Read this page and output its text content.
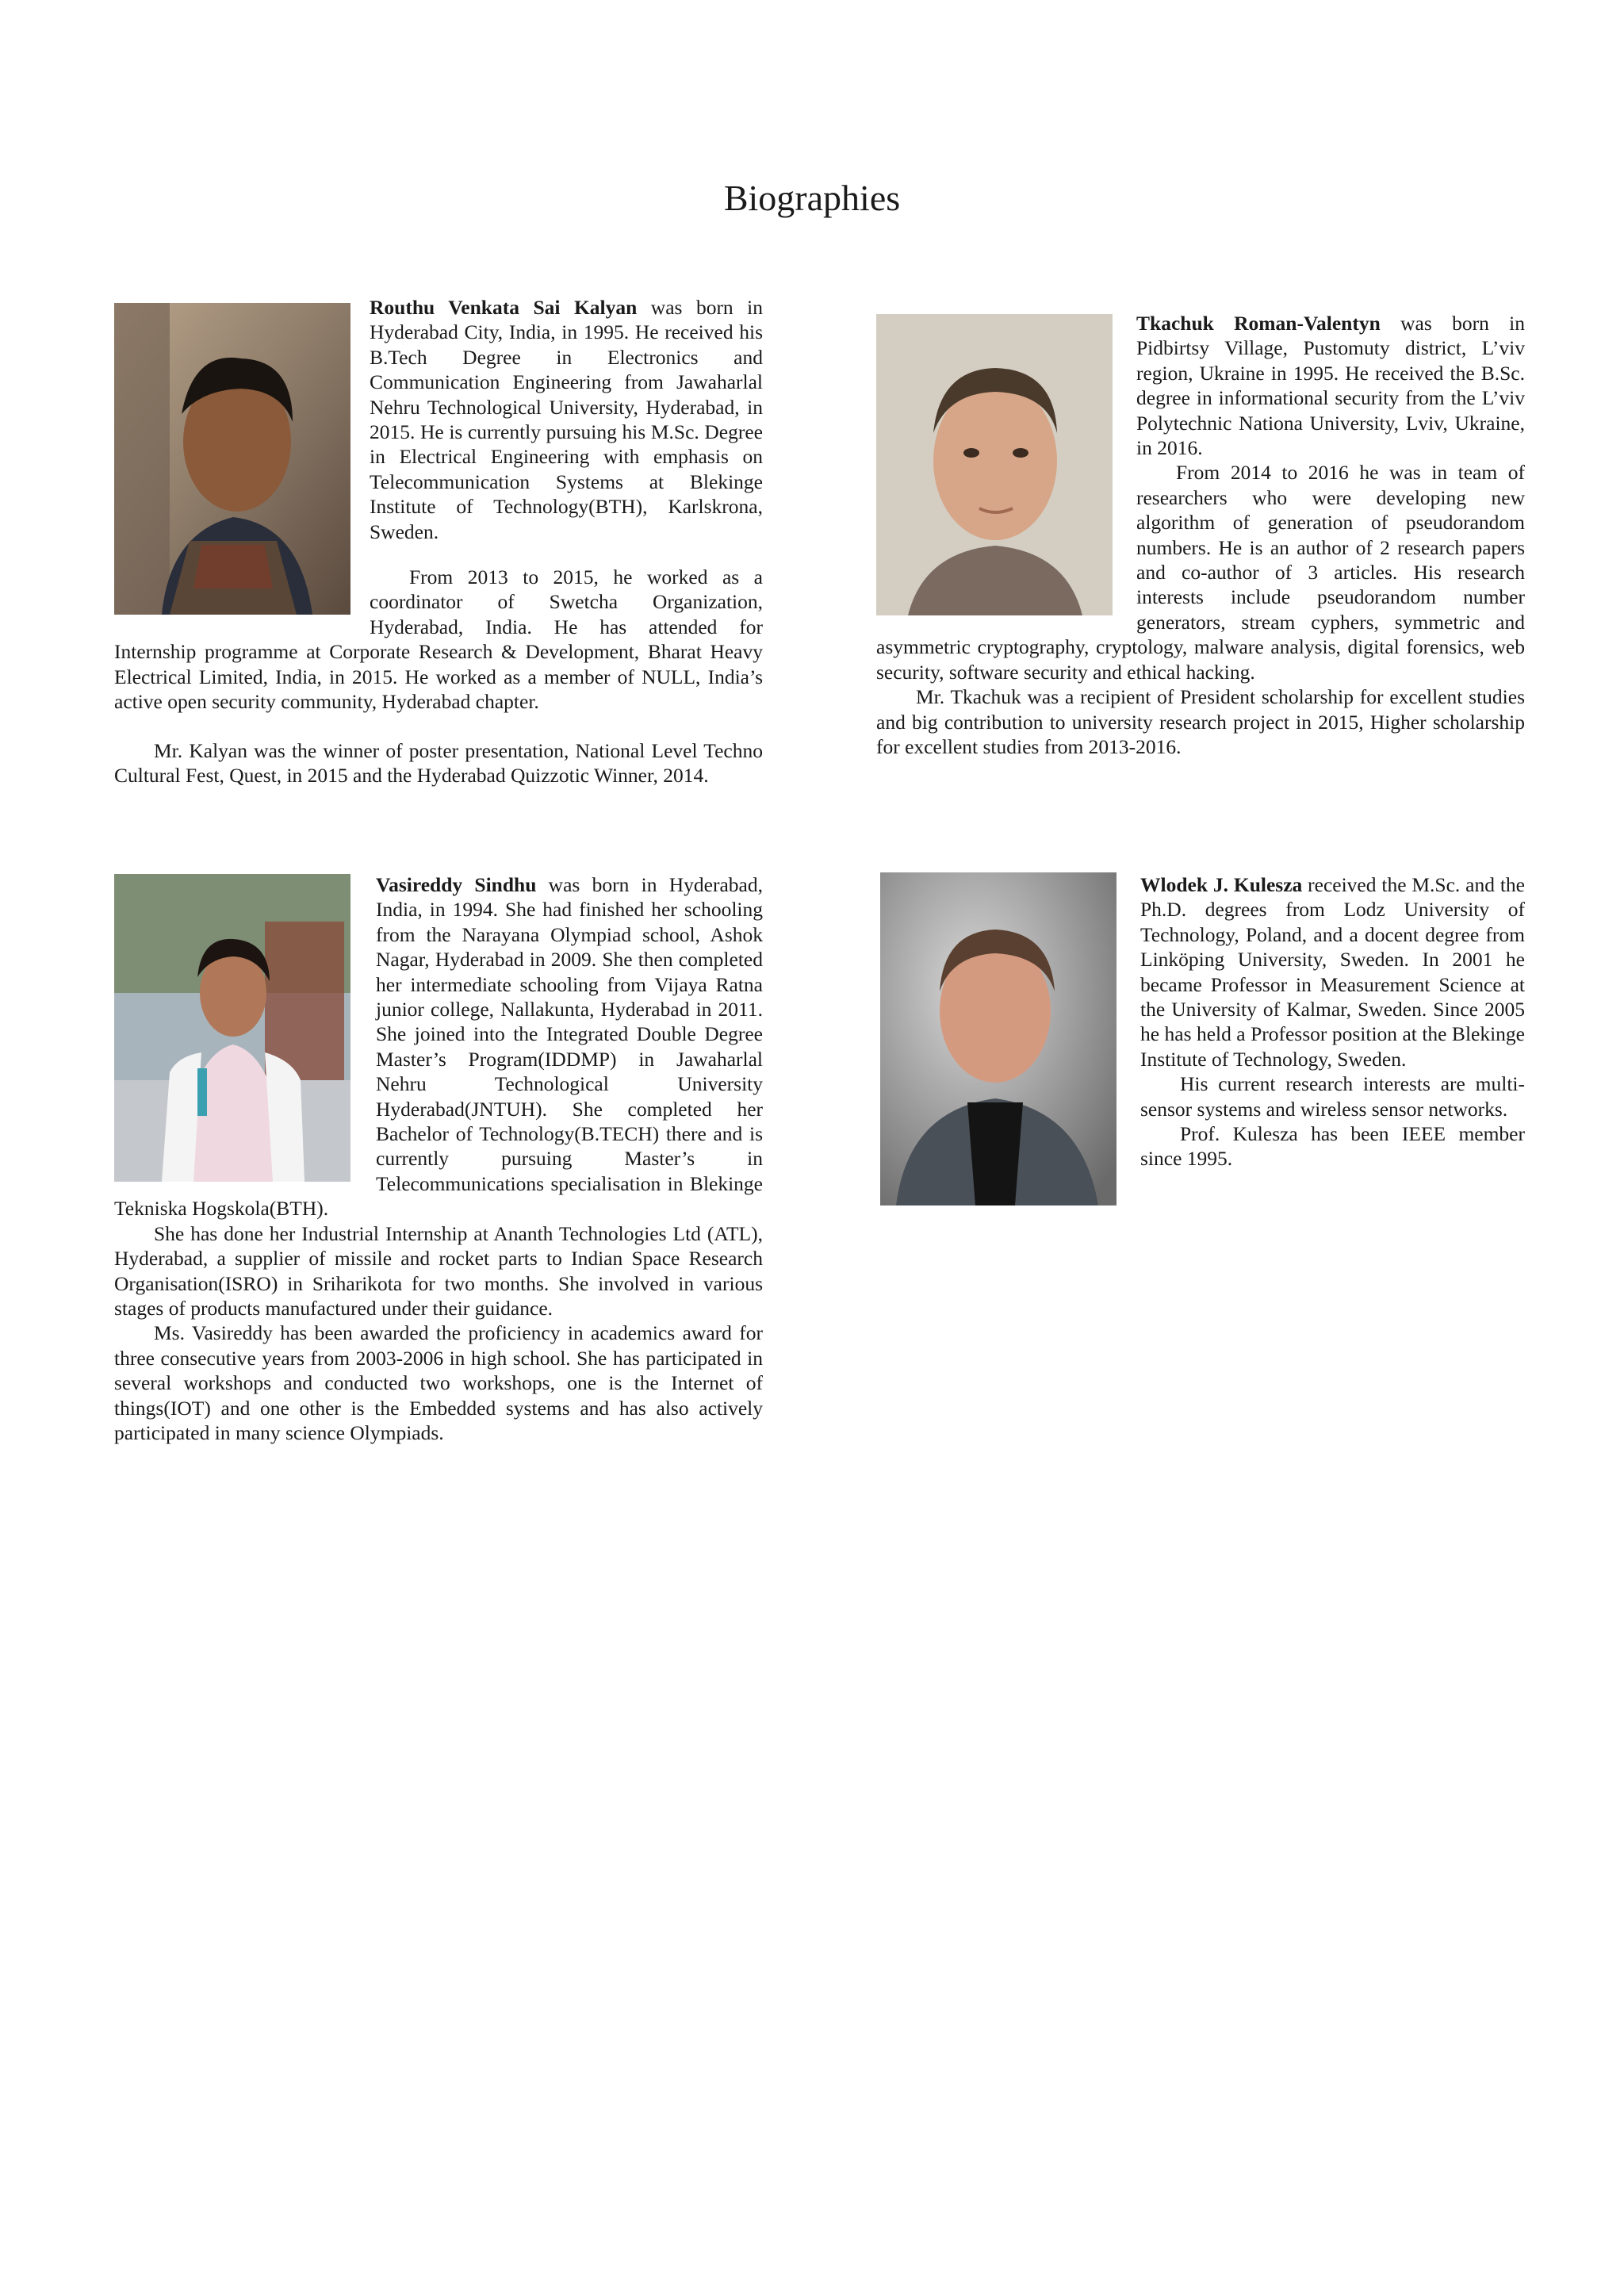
Biographies

Routhu Venkata Sai Kalyan was born in Hyderabad City, India, in 1995. He received his B.Tech Degree in Electronics and Communication Engineering from Jawaharlal Nehru Technological University, Hyderabad, in 2015. He is currently pursuing his M.Sc. Degree in Electrical Engineering with emphasis on Telecommunication Systems at Blekinge Institute of Technology(BTH), Karlskrona, Sweden.

From 2013 to 2015, he worked as a coordinator of Swetcha Organization, Hyderabad, India. He has attended for Internship programme at Corporate Research & Development, Bharat Heavy Electrical Limited, India, in 2015. He worked as a member of NULL, India’s active open security community, Hyderabad chapter.

Mr. Kalyan was the winner of poster presentation, National Level Techno Cultural Fest, Quest, in 2015 and the Hyderabad Quizzotic Winner, 2014.

Tkachuk Roman-Valentyn was born in Pidbirtsy Village, Pustomuty district, L’viv region, Ukraine in 1995. He received the B.Sc. degree in informational security from the L’viv Polytechnic Nationa University, Lviv, Ukraine, in 2016.

From 2014 to 2016 he was in team of researchers who were developing new algorithm of generation of pseudorandom numbers. He is an author of 2 research papers and co-author of 3 articles. His research interests include pseudorandom number generators, stream cyphers, symmetric and asymmetric cryptography, cryptology, malware analysis, digital forensics, web security, software security and ethical hacking.

Mr. Tkachuk was a recipient of President scholarship for excellent studies and big contribution to university research project in 2015, Higher scholarship for excellent studies from 2013-2016.

Vasireddy Sindhu was born in Hyderabad, India, in 1994. She had finished her schooling from the Narayana Olympiad school, Ashok Nagar, Hyderabad in 2009. She then completed her intermediate schooling from Vijaya Ratna junior college, Nallakunta, Hyderabad in 2011. She joined into the Integrated Double Degree Master’s Program(IDDMP) in Jawaharlal Nehru Technological University Hyderabad(JNTUH). She completed her Bachelor of Technology(B.TECH) there and is currently pursuing Master’s in Telecommunications specialisation in Blekinge Tekniska Hogskola(BTH).

She has done her Industrial Internship at Ananth Technologies Ltd (ATL), Hyderabad, a supplier of missile and rocket parts to Indian Space Research Organisation(ISRO) in Sriharikota for two months. She involved in various stages of products manufactured under their guidance.

Ms. Vasireddy has been awarded the proficiency in academics award for three consecutive years from 2003-2006 in high school. She has participated in several workshops and conducted two workshops, one is the Internet of things(IOT) and one other is the Embedded systems and has also actively participated in many science Olympiads.

Wlodek J. Kulesza received the M.Sc. and the Ph.D. degrees from Lodz University of Technology, Poland, and a docent degree from Linköping University, Sweden. In 2001 he became Professor in Measurement Science at the University of Kalmar, Sweden. Since 2005 he has held a Professor position at the Blekinge Institute of Technology, Sweden.

His current research interests are multi-sensor systems and wireless sensor networks.

Prof. Kulesza has been IEEE member since 1995.
